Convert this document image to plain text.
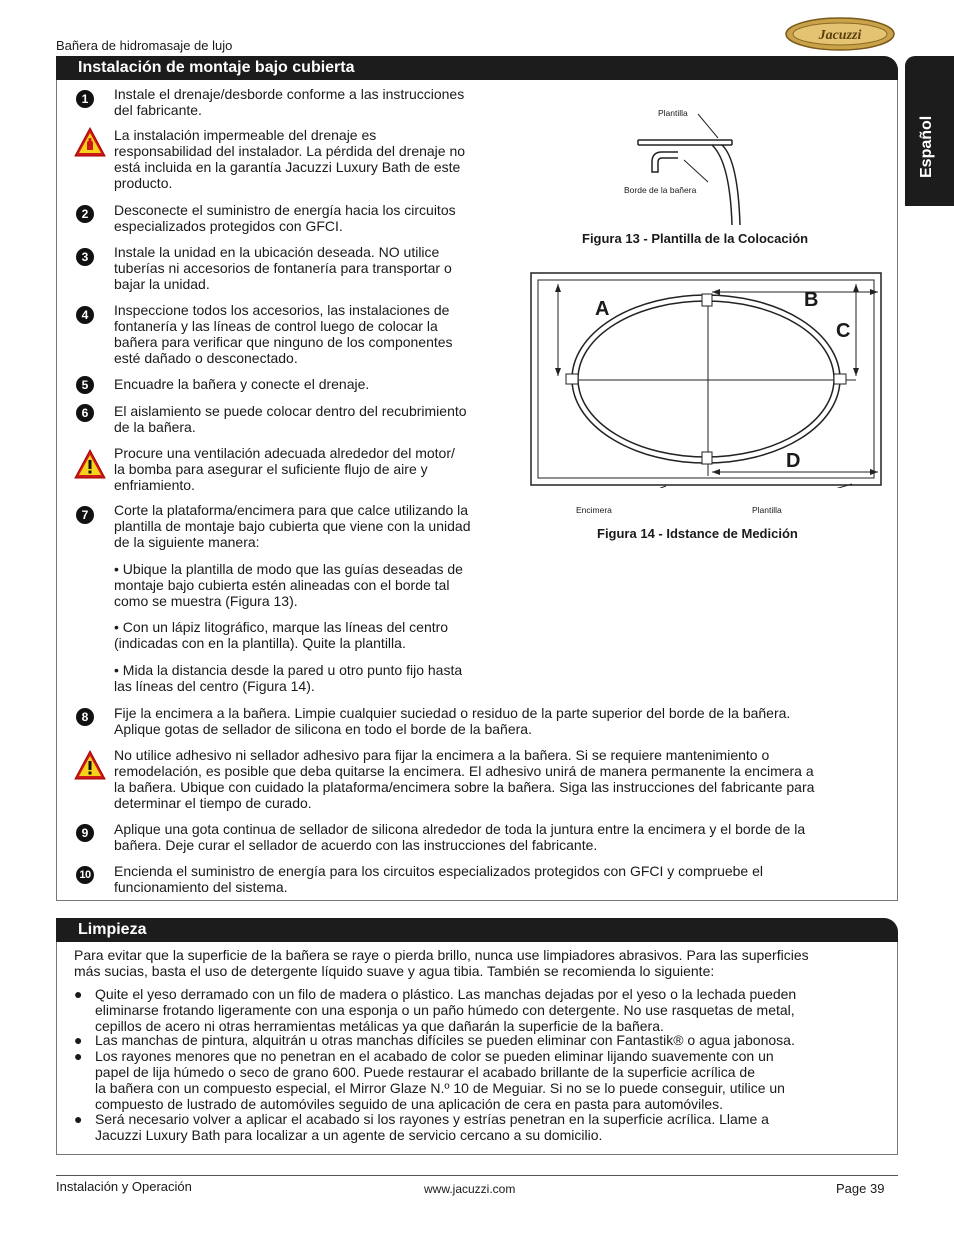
Bañera de hidromasaje de lujo
Jacuzzi
Español
Instalación de montaje bajo cubierta
1	Instale el drenaje/desborde conforme a las instrucciones
del fabricante.
La instalación impermeable del drenaje es
responsabilidad del instalador. La pérdida del drenaje no
está incluida en la garantía Jacuzzi Luxury Bath de este
producto.
2	Desconecte el suministro de energía hacia los circuitos
especializados protegidos con GFCI.
3	Instale la unidad en la ubicación deseada. NO utilice
tuberías ni accesorios de fontanería para transportar o
bajar la unidad.
4	Inspeccione todos los accesorios, las instalaciones de
fontanería y las líneas de control luego de colocar la
bañera para verificar que ninguno de los componentes
esté dañado o desconectado.
5	Encuadre la bañera y conecte el drenaje.
6	El aislamiento se puede colocar dentro del recubrimiento
de la bañera.
Procure una ventilación adecuada alrededor del motor/
la bomba para asegurar el suficiente flujo de aire y
enfriamiento.
7	Corte la plataforma/encimera para que calce utilizando la
plantilla de montaje bajo cubierta que viene con la unidad
de la siguiente manera:
• Ubique la plantilla de modo que las guías deseadas de
montaje bajo cubierta estén alineadas con el borde tal
como se muestra (Figura 13).
• Con un lápiz litográfico, marque las líneas del centro
(indicadas con en la plantilla). Quite la plantilla.
• Mida la distancia desde la pared u otro punto fijo hasta
las líneas del centro (Figura 14).
8	Fije la encimera a la bañera. Limpie cualquier suciedad o residuo de la parte superior del borde de la bañera.
Aplique gotas de sellador de silicona en todo el borde de la bañera.
No utilice adhesivo ni sellador adhesivo para fijar la encimera a la bañera. Si se requiere mantenimiento o
remodelación, es posible que deba quitarse la encimera. El adhesivo unirá de manera permanente la encimera a
la bañera. Ubique con cuidado la plataforma/encimera sobre la bañera. Siga las instrucciones del fabricante para
determinar el tiempo de curado.
9	Aplique una gota continua de sellador de silicona alrededor de toda la juntura entre la encimera y el borde de la
bañera. Deje curar el sellador de acuerdo con las instrucciones del fabricante.
10 Encienda el suministro de energía para los circuitos especializados protegidos con GFCI y compruebe el
funcionamiento del sistema.
Plantilla
Borde de la bañera
Figura 13 - Plantilla de la Colocación
A	B
C
D
Encimera	Plantilla
Figura 14 - Idstance de Medición
Limpieza
Para evitar que la superficie de la bañera se raye o pierda brillo, nunca use limpiadores abrasivos. Para las superficies
más sucias, basta el uso de detergente líquido suave y agua tibia. También se recomienda lo siguiente:
● Quite el yeso derramado con un filo de madera o plástico. Las manchas dejadas por el yeso o la lechada pueden
eliminarse frotando ligeramente con una esponja o un paño húmedo con detergente. No use rasquetas de metal,
cepillos de acero ni otras herramientas metálicas ya que dañarán la superficie de la bañera.
● Las manchas de pintura, alquitrán u otras manchas difíciles se pueden eliminar con Fantastik® o agua jabonosa.
● Los rayones menores que no penetran en el acabado de color se pueden eliminar lijando suavemente con un
papel de lija húmedo o seco de grano 600. Puede restaurar el acabado brillante de la superficie acrílica de
la bañera con un compuesto especial, el Mirror Glaze N.º 10 de Meguiar. Si no se lo puede conseguir, utilice un
compuesto de lustrado de automóviles seguido de una aplicación de cera en pasta para automóviles.
● Será necesario volver a aplicar el acabado si los rayones y estrías penetran en la superficie acrílica. Llame a
Jacuzzi Luxury Bath para localizar a un agente de servicio cercano a su domicilio.
Instalación y Operación	www.jacuzzi.com	Page 39
